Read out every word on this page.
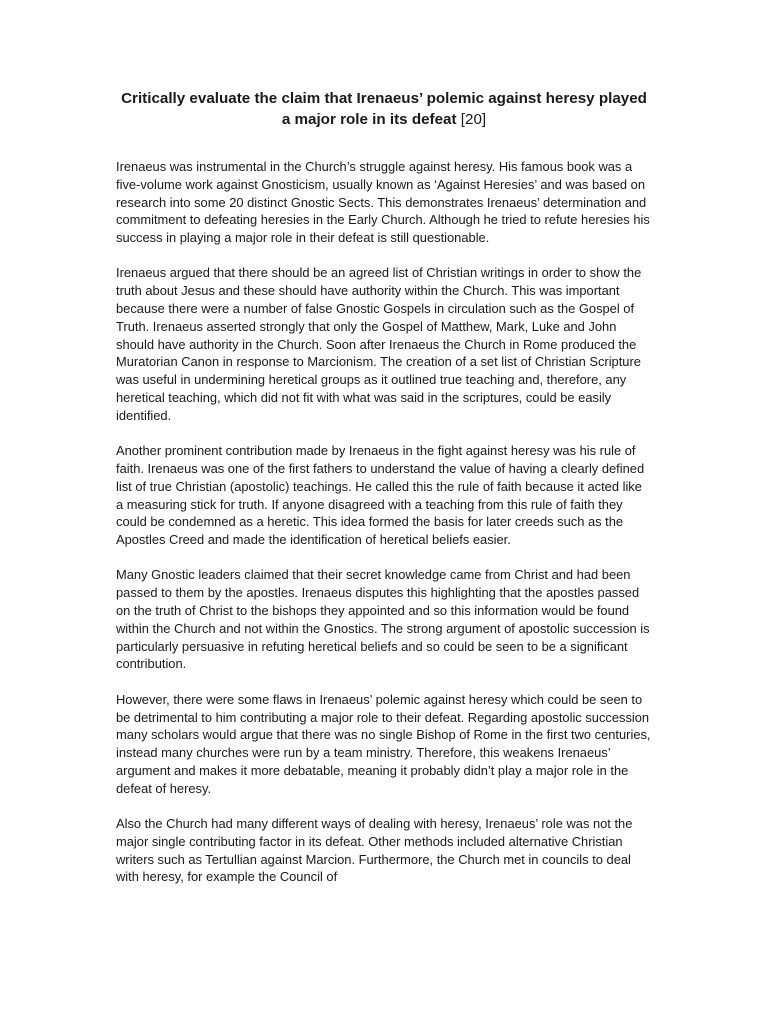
Critically evaluate the claim that Irenaeus’ polemic against heresy played a major role in its defeat [20]

Irenaeus was instrumental in the Church’s struggle against heresy. His famous book was a five-volume work against Gnosticism, usually known as ‘Against Heresies’ and was based on research into some 20 distinct Gnostic Sects. This demonstrates Irenaeus’ determination and commitment to defeating heresies in the Early Church. Although he tried to refute heresies his success in playing a major role in their defeat is still questionable.

Irenaeus argued that there should be an agreed list of Christian writings in order to show the truth about Jesus and these should have authority within the Church. This was important because there were a number of false Gnostic Gospels in circulation such as the Gospel of Truth. Irenaeus asserted strongly that only the Gospel of Matthew, Mark, Luke and John should have authority in the Church. Soon after Irenaeus the Church in Rome produced the Muratorian Canon in response to Marcionism. The creation of a set list of Christian Scripture was useful in undermining heretical groups as it outlined true teaching and, therefore, any heretical teaching, which did not fit with what was said in the scriptures, could be easily identified.

Another prominent contribution made by Irenaeus in the fight against heresy was his rule of faith. Irenaeus was one of the first fathers to understand the value of having a clearly defined list of true Christian (apostolic) teachings. He called this the rule of faith because it acted like a measuring stick for truth. If anyone disagreed with a teaching from this rule of faith they could be condemned as a heretic. This idea formed the basis for later creeds such as the Apostles Creed and made the identification of heretical beliefs easier.

Many Gnostic leaders claimed that their secret knowledge came from Christ and had been passed to them by the apostles. Irenaeus disputes this highlighting that the apostles passed on the truth of Christ to the bishops they appointed and so this information would be found within the Church and not within the Gnostics. The strong argument of apostolic succession is particularly persuasive in refuting heretical beliefs and so could be seen to be a significant contribution.

However, there were some flaws in Irenaeus’ polemic against heresy which could be seen to be detrimental to him contributing a major role to their defeat. Regarding apostolic succession many scholars would argue that there was no single Bishop of Rome in the first two centuries, instead many churches were run by a team ministry. Therefore, this weakens Irenaeus’ argument and makes it more debatable, meaning it probably didn’t play a major role in the defeat of heresy.

Also the Church had many different ways of dealing with heresy, Irenaeus’ role was not the major single contributing factor in its defeat. Other methods included alternative Christian writers such as Tertullian against Marcion. Furthermore, the Church met in councils to deal with heresy, for example the Council of
